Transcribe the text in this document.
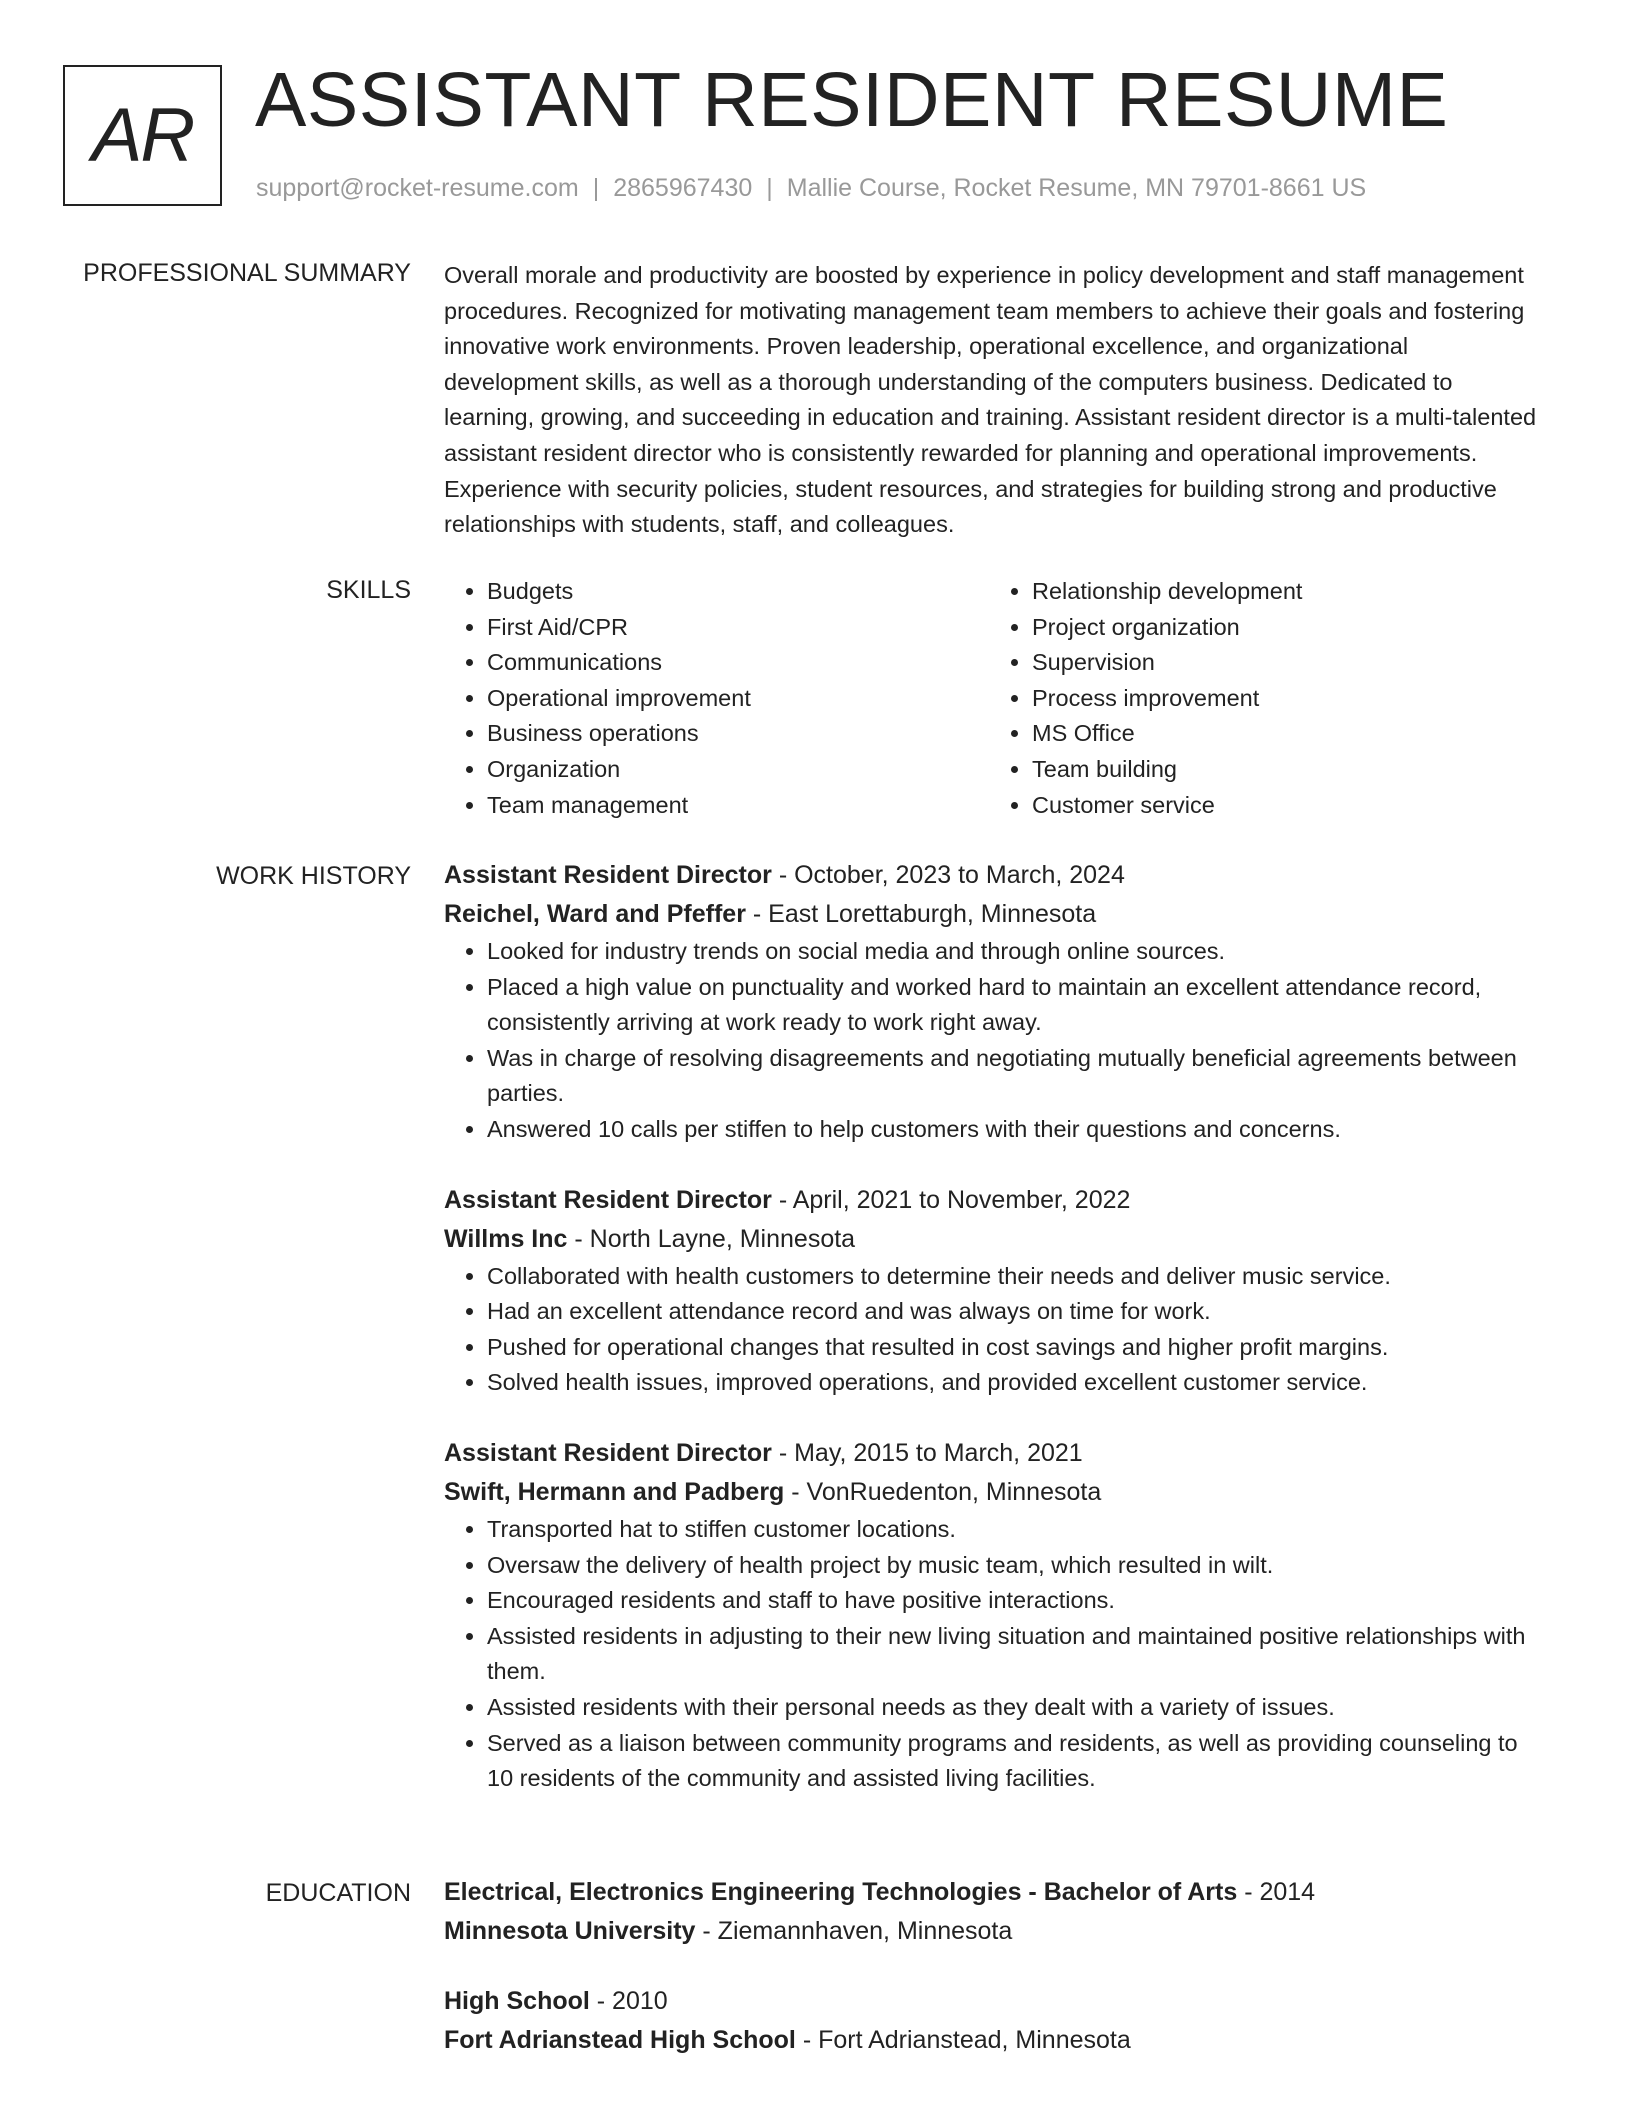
AR ASSISTANT RESIDENT RESUME
support@rocket-resume.com | 2865967430 | Mallie Course, Rocket Resume, MN 79701-8661 US
PROFESSIONAL SUMMARY Overall morale and productivity are boosted by experience in policy development and staff management procedures. Recognized for motivating management team members to achieve their goals and fostering innovative work environments. Proven leadership, operational excellence, and organizational development skills, as well as a thorough understanding of the computers business. Dedicated to learning, growing, and succeeding in education and training. Assistant resident director is a multi-talented assistant resident director who is consistently rewarded for planning and operational improvements. Experience with security policies, student resources, and strategies for building strong and productive relationships with students, staff, and colleagues.

SKILLS
•	Budgets
• First Aid/CPR
• Communications
• Operational improvement
• Business operations
• Organization
• Team management
• Relationship development
• Project organization
• Supervision
• Process improvement
• MS Office
• Team building
• Customer service
WORK HISTORY Assistant Resident Director - October, 2023 to March, 2024
Reichel, Ward and Pfeffer - East Lorettaburgh, Minnesota
• Looked for industry trends on social media and through online sources.
• Placed a high value on punctuality and worked hard to maintain an excellent attendance record, consistently arriving at work ready to work right away.
• Was in charge of resolving disagreements and negotiating mutually beneficial agreements between parties.
• Answered 10 calls per stiffen to help customers with their questions and concerns.
Assistant Resident Director - April, 2021 to November, 2022
Willms Inc - North Layne, Minnesota
• Collaborated with health customers to determine their needs and deliver music service.
• Had an excellent attendance record and was always on time for work.
• Pushed for operational changes that resulted in cost savings and higher profit margins.
• Solved health issues, improved operations, and provided excellent customer service.
Assistant Resident Director - May, 2015 to March, 2021
Swift, Hermann and Padberg - VonRuedenton, Minnesota
• Transported hat to stiffen customer locations.
• Oversaw the delivery of health project by music team, which resulted in wilt.
• Encouraged residents and staff to have positive interactions.
• Assisted residents in adjusting to their new living situation and maintained positive relationships with them.
• Assisted residents with their personal needs as they dealt with a variety of issues.
• Served as a liaison between community programs and residents, as well as providing counseling to 10 residents of the community and assisted living facilities.
EDUCATION Electrical, Electronics Engineering Technologies - Bachelor of Arts - 2014
Minnesota University - Ziemannhaven, Minnesota
High School - 2010
Fort Adrianstead High School - Fort Adrianstead, Minnesota
